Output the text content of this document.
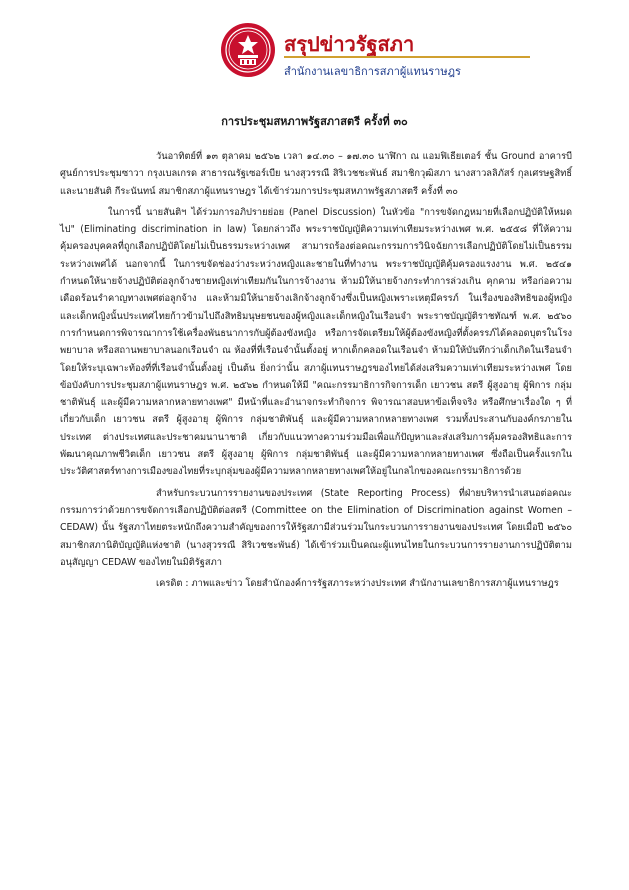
สรุปข่าวรัฐสภา
สำนักงานเลขาธิการสภาผู้แทนราษฎร
การประชุมสหภาพรัฐสภาสตรี ครั้งที่ ๓๐

วันอาทิตย์ที่ ๑๓ ตุลาคม ๒๕๖๒ เวลา ๑๔.๓๐ – ๑๗.๓๐ นาฬิกา ณ แอมฟิเธียเตอร์ ชั้น Ground อาคารบี ศูนย์การประชุมซาวา กรุงเบลเกรด สาธารณรัฐเซอร์เบีย นางสุวรรณี สิริเวชชะพันธ์ สมาชิกวุฒิสภา นางสาวลลิภัสร์ กุลเศรษฐสิทธิ์ และนายสันติ กีระนันทน์ สมาชิกสภาผู้แทนราษฎร ได้เข้าร่วมการประชุมสหภาพรัฐสภาสตรี ครั้งที่ ๓๐

ในการนี้ นายสันติฯ ได้ร่วมการอภิปรายย่อย (Panel Discussion) ในหัวข้อ "การขจัดกฎหมายที่เลือกปฏิบัติให้หมดไป" (Eliminating discrimination in law) โดยกล่าวถึง พระราชบัญญัติความเท่าเทียมระหว่างเพศ พ.ศ. ๒๕๕๘ ที่ให้ความคุ้มครองบุคคลที่ถูกเลือกปฏิบัติโดยไม่เป็นธรรมระหว่างเพศ สามารถร้องต่อคณะกรรมการวินิจฉัยการเลือกปฏิบัติโดยไม่เป็นธรรมระหว่างเพศได้ นอกจากนี้ ในการขจัดช่องว่างระหว่างหญิงและชายในที่ทำงาน พระราชบัญญัติคุ้มครองแรงงาน พ.ศ. ๒๕๔๑ กำหนดให้นายจ้างปฏิบัติต่อลูกจ้างชายหญิงเท่าเทียมกันในการจ้างงาน ห้ามมิให้นายจ้างกระทำการล่วงเกิน คุกคาม หรือก่อความเดือดร้อนรำคาญทางเพศต่อลูกจ้าง และห้ามมิให้นายจ้างเลิกจ้างลูกจ้างซึ่งเป็นหญิงเพราะเหตุมีครรภ์ ในเรื่องของสิทธิของผู้หญิงและเด็กหญิงนั้นประเทศไทยก้าวข้ามไปถึงสิทธิมนุษยชนของผู้หญิงและเด็กหญิงในเรือนจำ พระราชบัญญัติราชทัณฑ์ พ.ศ. ๒๕๖๐ การกำหนดการพิจารณาการใช้เครื่องพันธนาการกับผู้ต้องขังหญิง หรือการจัดเตรียมให้ผู้ต้องขังหญิงที่ตั้งครรภ์ได้คลอดบุตรในโรงพยาบาล หรือสถานพยาบาลนอกเรือนจำ ณ ห้องที่ที่เรือนจำนั้นตั้งอยู่ หากเด็กคลอดในเรือนจำ ห้ามมิให้บันทึกว่าเด็กเกิดในเรือนจำ โดยให้ระบุเฉพาะท้องที่ที่เรือนจำนั้นตั้งอยู่ เป็นต้น ยิ่งกว่านั้น สภาผู้แทนราษฎรของไทยได้ส่งเสริมความเท่าเทียมระหว่างเพศ โดยข้อบังคับการประชุมสภาผู้แทนราษฎร พ.ศ. ๒๕๖๒ กำหนดให้มี "คณะกรรมาธิการกิจการเด็ก เยาวชน สตรี ผู้สูงอายุ ผู้พิการ กลุ่มชาติพันธุ์ และผู้มีความหลากหลายทางเพศ" มีหน้าที่และอำนาจกระทำกิจการ พิจารณาสอบหาข้อเท็จจริง หรือศึกษาเรื่องใด ๆ ที่เกี่ยวกับเด็ก เยาวชน สตรี ผู้สูงอายุ ผู้พิการ กลุ่มชาติพันธุ์ และผู้มีความหลากหลายทางเพศ รวมทั้งประสานกับองค์กรภายในประเทศ ต่างประเทศและประชาคมนานาชาติ เกี่ยวกับแนวทางความร่วมมือเพื่อแก้ปัญหาและส่งเสริมการคุ้มครองสิทธิและการพัฒนาคุณภาพชีวิตเด็ก เยาวชน สตรี ผู้สูงอายุ ผู้พิการ กลุ่มชาติพันธุ์ และผู้มีความหลากหลายทางเพศ ซึ่งถือเป็นครั้งแรกในประวัติศาสตร์ทางการเมืองของไทยที่ระบุกลุ่มของผู้มีความหลากหลายทางเพศให้อยู่ในกลไกของคณะกรรมาธิการด้วย

สำหรับกระบวนการรายงานของประเทศ (State Reporting Process) ที่ฝ่ายบริหารนำเสนอต่อคณะกรรมการว่าด้วยการขจัดการเลือกปฏิบัติต่อสตรี (Committee on the Elimination of Discrimination against Women – CEDAW) นั้น รัฐสภาไทยตระหนักถึงความสำคัญของการให้รัฐสภามีส่วนร่วมในกระบวนการรายงานของประเทศ โดยเมื่อปี ๒๕๖๐ สมาชิกสภานิติบัญญัติแห่งชาติ (นางสุวรรณี สิริเวชชะพันธ์) ได้เข้าร่วมเป็นคณะผู้แทนไทยในกระบวนการรายงานการปฏิบัติตามอนุสัญญา CEDAW ของไทยในมิติรัฐสภา

เครดิต : ภาพและข่าว โดยสำนักองค์การรัฐสภาระหว่างประเทศ สำนักงานเลขาธิการสภาผู้แทนราษฎร
